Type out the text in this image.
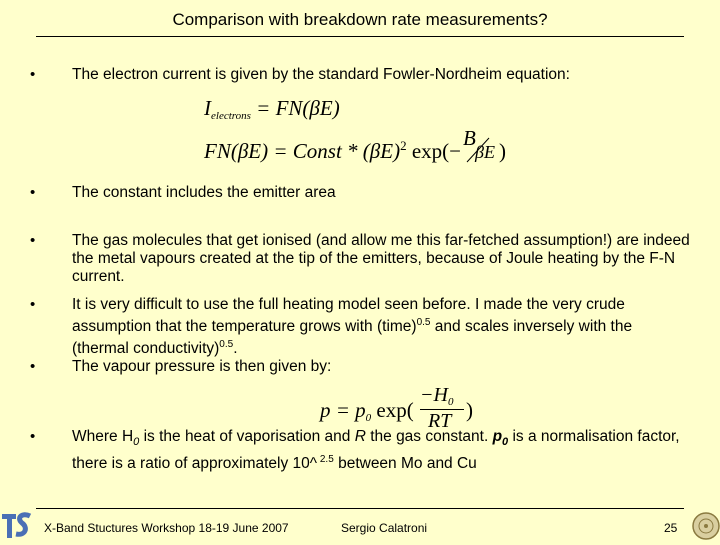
Comparison with breakdown rate measurements?
• The electron current is given by the standard Fowler-Nordheim equation:
Ielectrons = FN(βE)
FN(βE) = Const * $(\beta E)^2$ exp(−
B
βE )
• The constant includes the emitter area
• The gas molecules that get ionised (and allow me this far-fetched assumption!) are indeed the metal vapours created at the tip of the emitters, because of Joule heating by the F-N current.
• It is very difficult to use the full heating model seen before. I made the very crude assumption that the temperature grows with (time)$^{0.5}$ and scales inversely with the (thermal conductivity)$^{0.5}$.
• The vapour pressure is then given by:
p = p0 exp(
$-H_0$
RT )
• Where $H_0$ is the heat of vaporisation and R the gas constant. $p_0$ is a normalisation factor, there is a ratio of approximately 10^ $^{2.5}$ between Mo and Cu
X-Band Stuctures Workshop 18-19 June 2007	Sergio Calatroni	25
